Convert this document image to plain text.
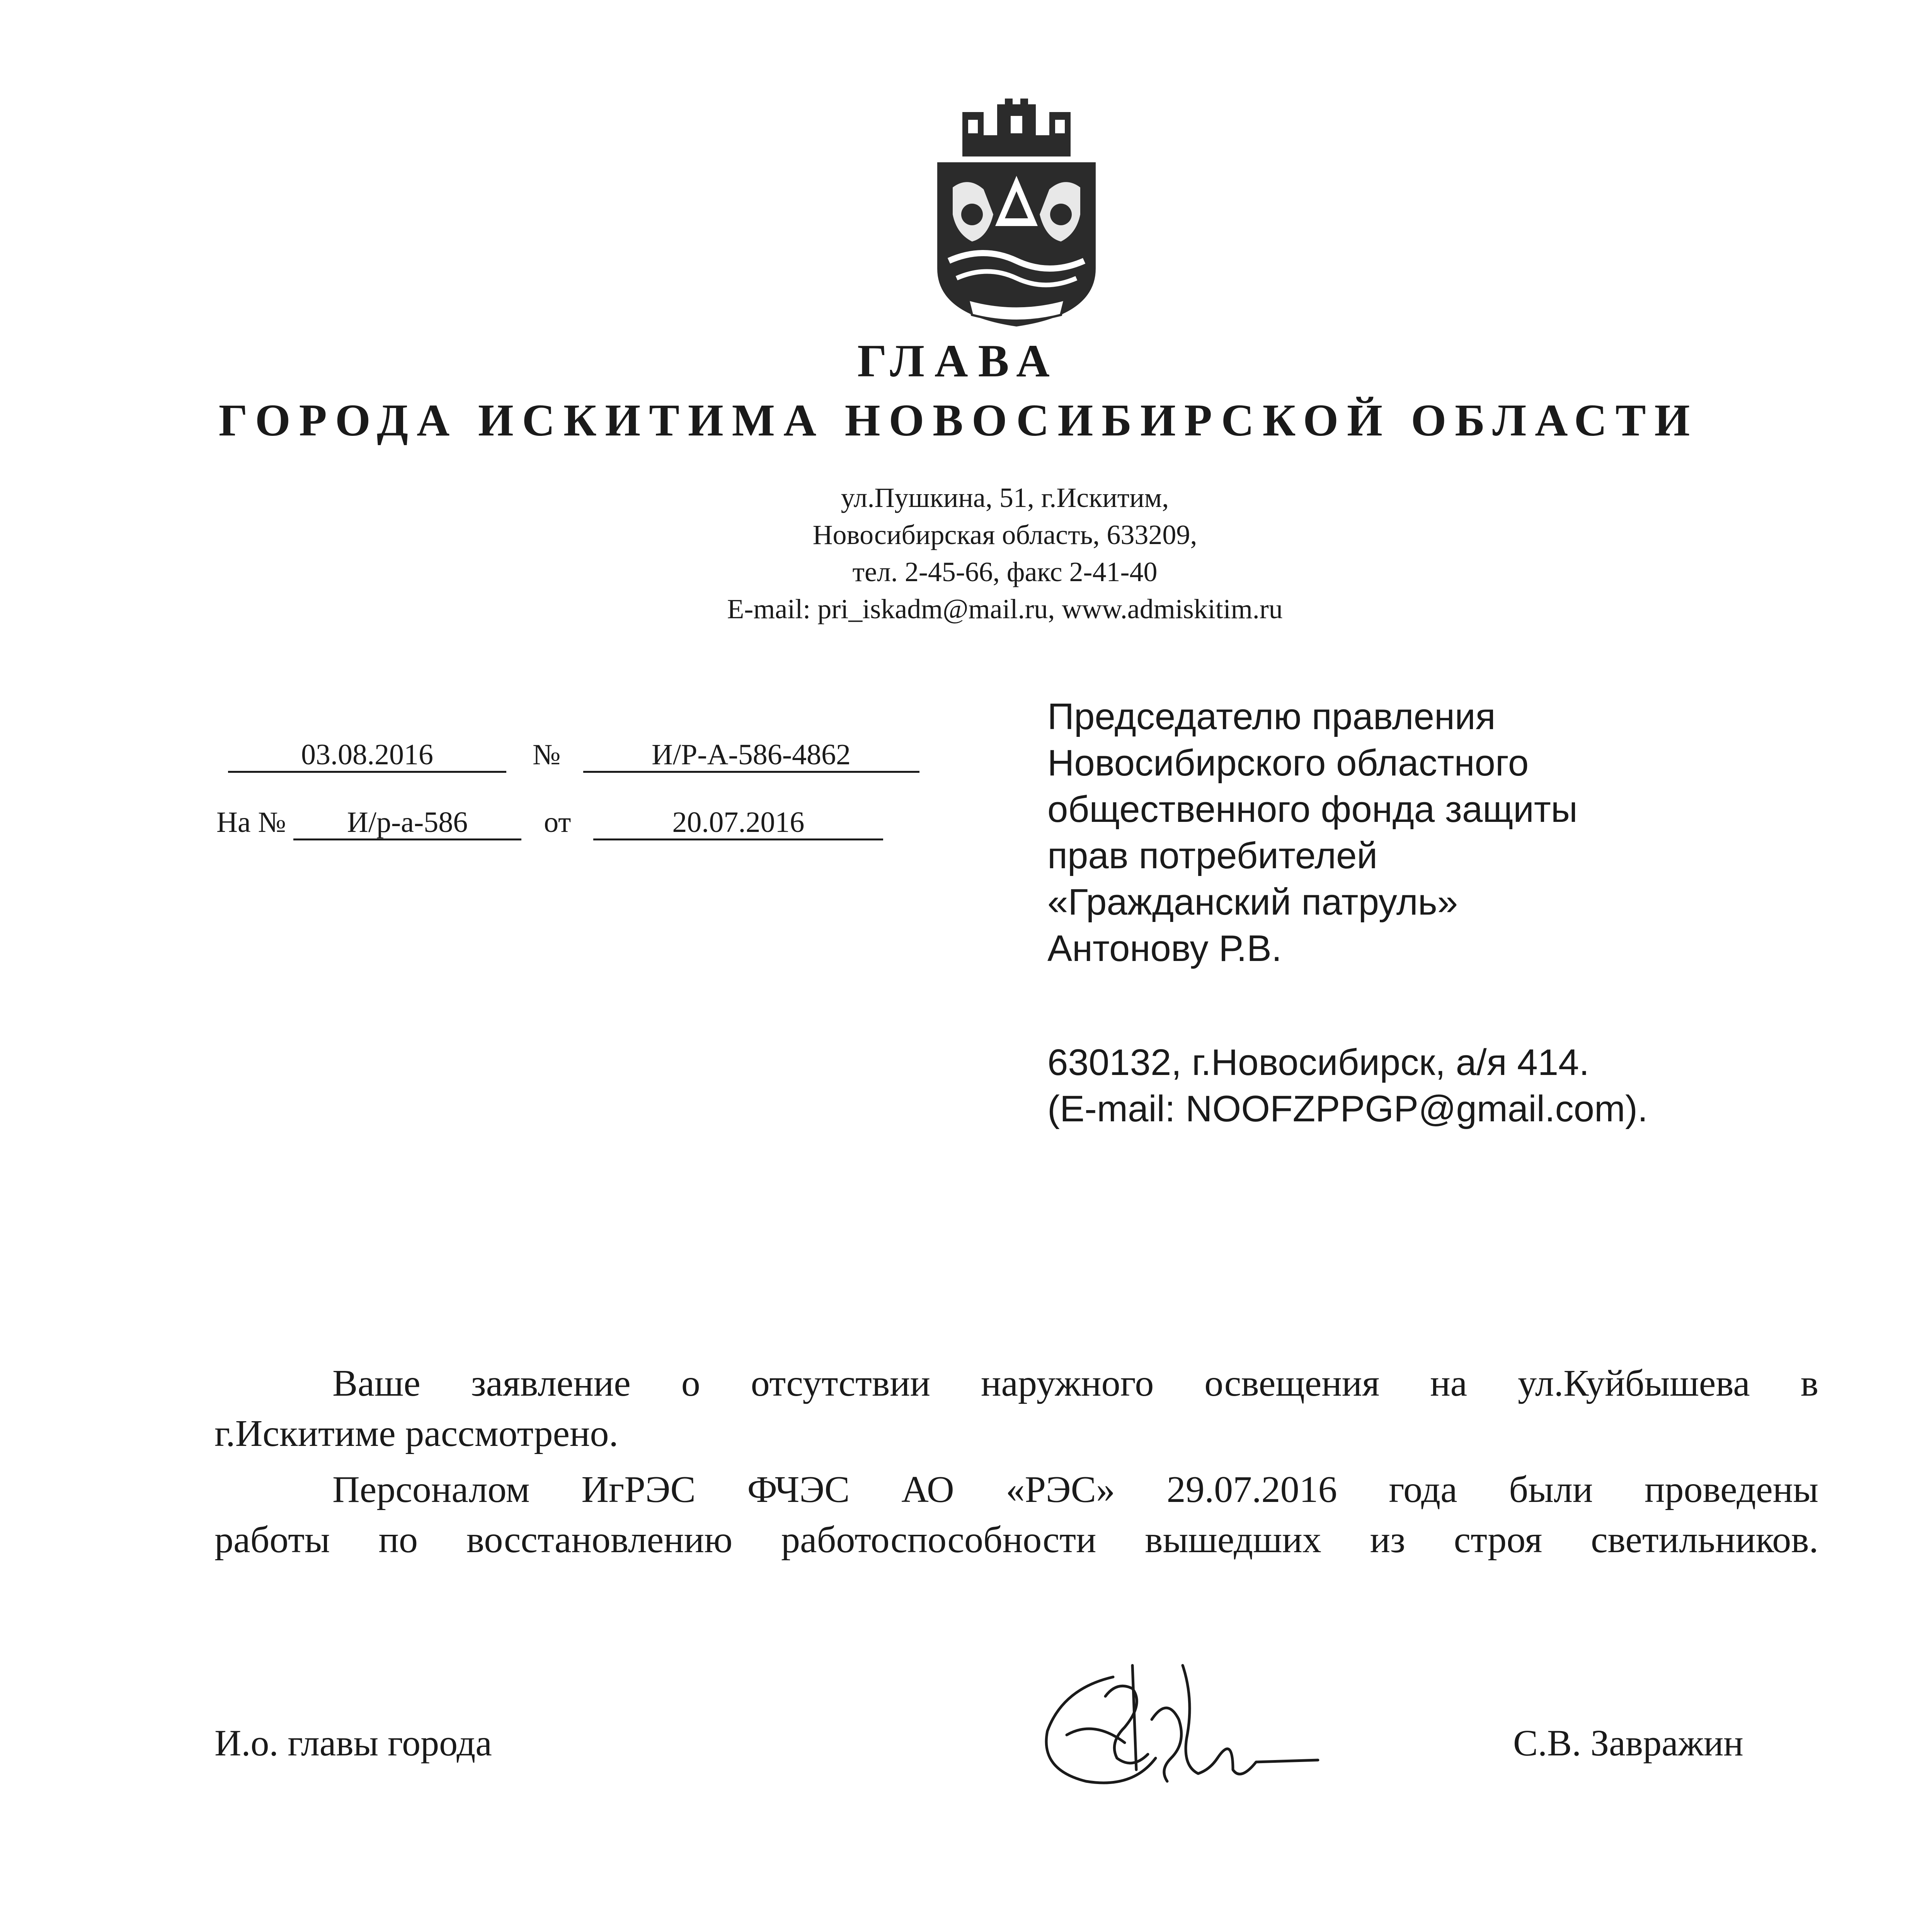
ГЛАВА
ГОРОДА ИСКИТИМА НОВОСИБИРСКОЙ ОБЛАСТИ
ул.Пушкина, 51, г.Искитим,
Новосибирская область, 633209,
тел. 2-45-66, факс 2-41-40
E-mail: pri_iskadm@mail.ru, www.admiskitim.ru
03.08.2016	№	И/Р-А-586-4862
На № И/р-а-586	от	20.07.2016
Председателю правления
Новосибирского областного
общественного фонда защиты
прав потребителей
«Гражданский патруль»
Антонову Р.В.
630132, г.Новосибирск, а/я 414.
(E-mail: NOOFZPPGP@gmail.com).
Ваше заявление о отсутствии наружного освещения на ул.Куйбышева в
г.Искитиме рассмотрено.
Персоналом ИгРЭС ФЧЭС АО «РЭС» 29.07.2016 года были проведены
работы по восстановлению работоспособности вышедших из строя светильников.
И.о. главы города	С.В. Завражин
